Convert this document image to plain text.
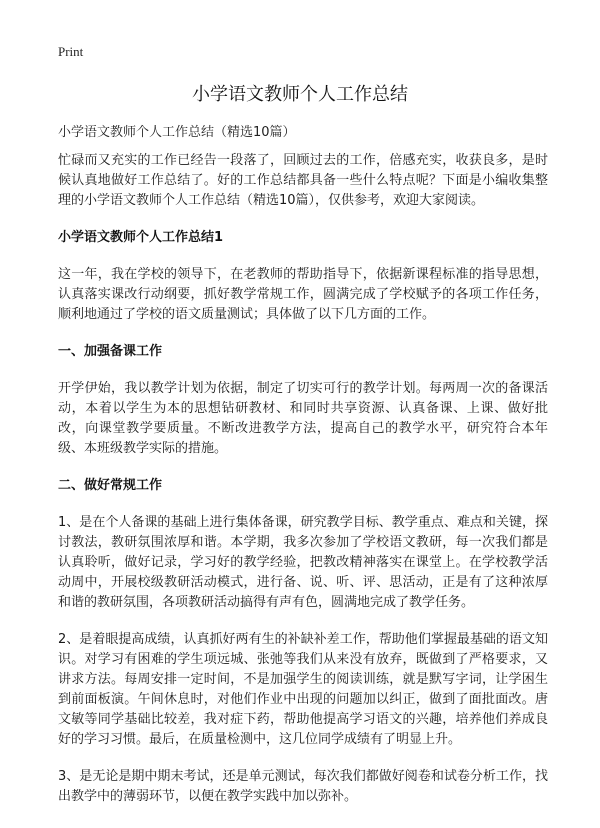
Print
小学语文教师个人工作总结

小学语文教师个人工作总结（精选10篇）

忙碌而又充实的工作已经告一段落了，回顾过去的工作，倍感充实，收获良多，是时候认真地做好工作总结了。好的工作总结都具备一些什么特点呢？下面是小编收集整理的小学语文教师个人工作总结（精选10篇），仅供参考，欢迎大家阅读。

小学语文教师个人工作总结1

这一年，我在学校的领导下，在老教师的帮助指导下，依据新课程标准的指导思想，认真落实课改行动纲要，抓好教学常规工作，圆满完成了学校赋予的各项工作任务，顺利地通过了学校的语文质量测试；具体做了以下几方面的工作。

一、加强备课工作

开学伊始，我以教学计划为依据，制定了切实可行的教学计划。每两周一次的备课活动，本着以学生为本的思想钻研教材、和同时共享资源、认真备课、上课、做好批改，向课堂教学要质量。不断改进教学方法，提高自己的教学水平，研究符合本年级、本班级教学实际的措施。

二、做好常规工作

1、是在个人备课的基础上进行集体备课，研究教学目标、教学重点、难点和关键，探讨教法，教研氛围浓厚和谐。本学期，我多次参加了学校语文教研，每一次我们都是认真聆听，做好记录，学习好的教学经验，把教改精神落实在课堂上。在学校教学活动周中，开展校级教研活动模式，进行备、说、听、评、思活动，正是有了这种浓厚和谐的教研氛围，各项教研活动搞得有声有色，圆满地完成了教学任务。

2、是着眼提高成绩，认真抓好两有生的补缺补差工作，帮助他们掌握最基础的语文知识。对学习有困难的学生项远城、张弛等我们从来没有放弃，既做到了严格要求，又讲求方法。每周安排一定时间，不是加强学生的阅读训练，就是默写字词，让学困生到前面板演。午间休息时，对他们作业中出现的问题加以纠正，做到了面批面改。唐文敏等同学基础比较差，我对症下药，帮助他提高学习语文的兴趣，培养他们养成良好的学习习惯。最后，在质量检测中，这几位同学成绩有了明显上升。

3、是无论是期中期末考试，还是单元测试，每次我们都做好阅卷和试卷分析工作，找出教学中的薄弱环节，以便在教学实践中加以弥补。
